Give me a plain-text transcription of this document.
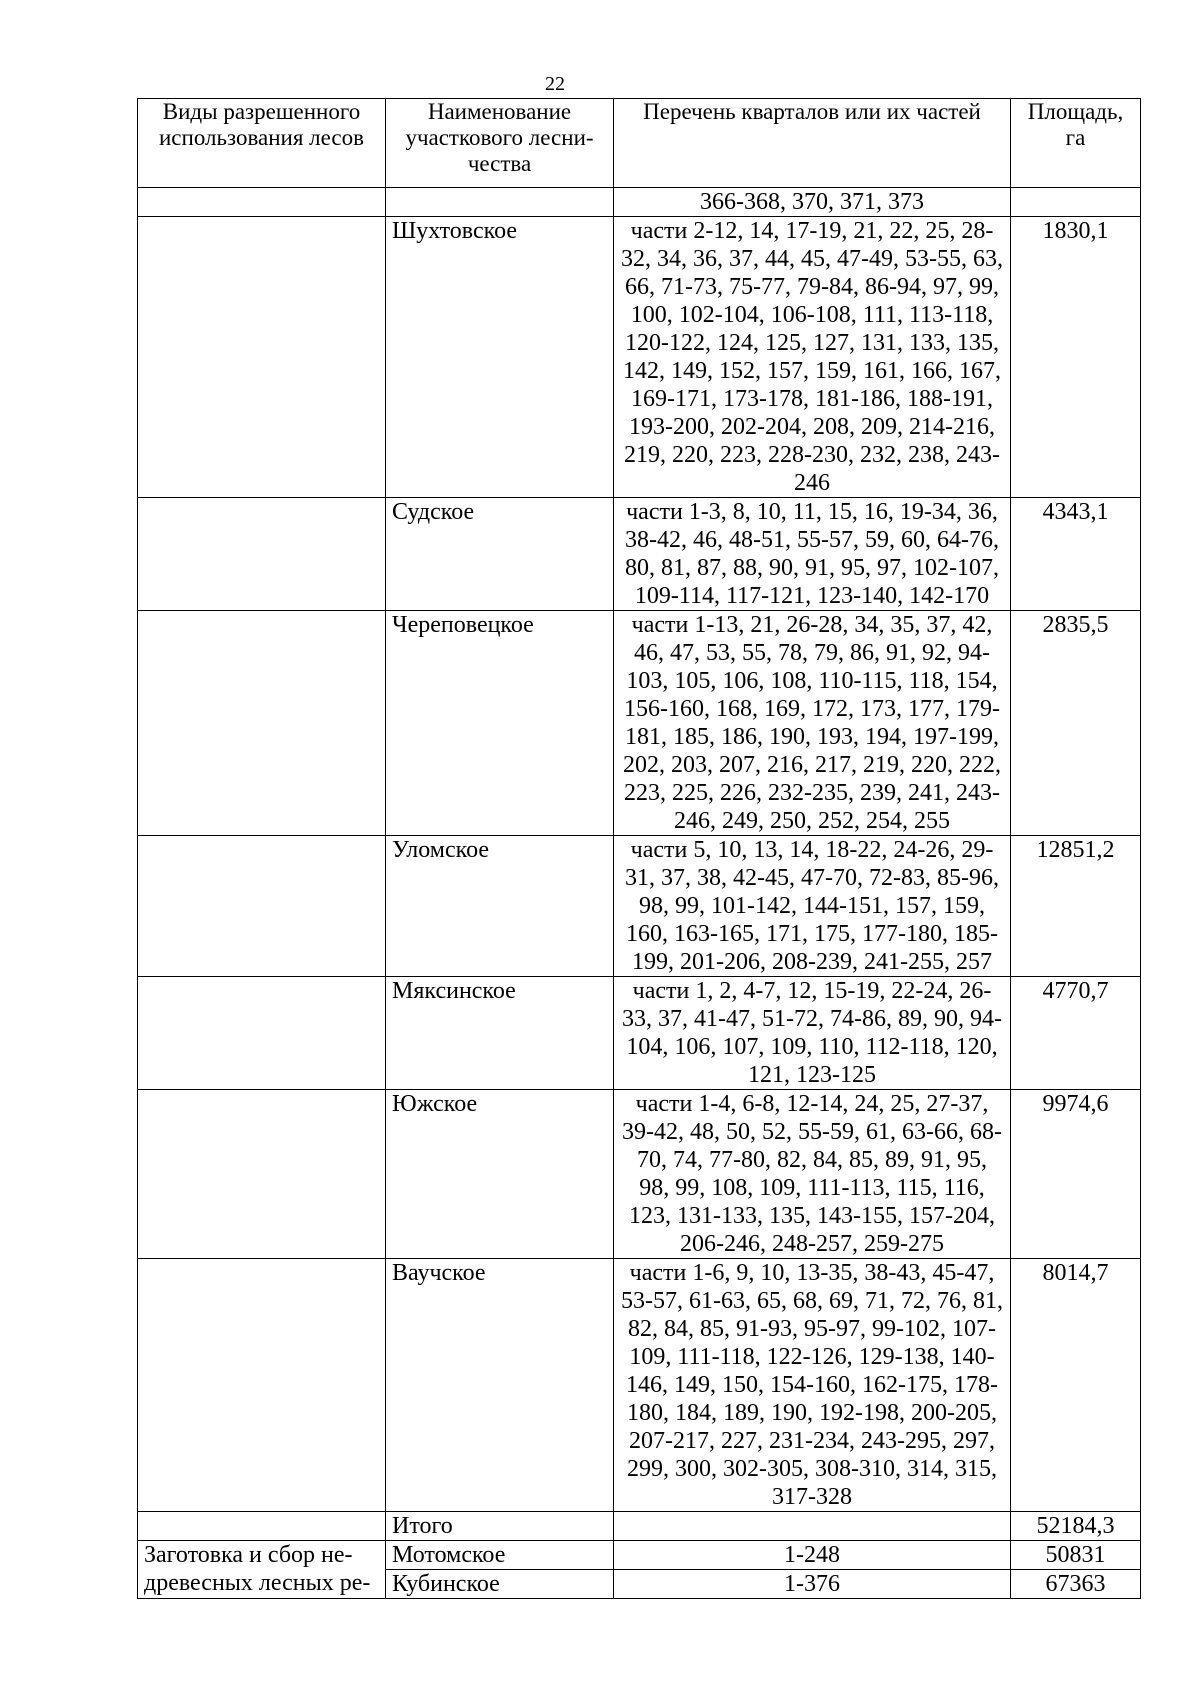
22
Виды разрешенного использования лесов	Наименование участкового лесни-чества	Перечень кварталов или их частей	Площадь, га
		366-368, 370, 371, 373	
	Шухтовское	части 2-12, 14, 17-19, 21, 22, 25, 28-32, 34, 36, 37, 44, 45, 47-49, 53-55, 63, 66, 71-73, 75-77, 79-84, 86-94, 97, 99, 100, 102-104, 106-108, 111, 113-118, 120-122, 124, 125, 127, 131, 133, 135, 142, 149, 152, 157, 159, 161, 166, 167, 169-171, 173-178, 181-186, 188-191, 193-200, 202-204, 208, 209, 214-216, 219, 220, 223, 228-230, 232, 238, 243-246	1830,1
	Судское	части 1-3, 8, 10, 11, 15, 16, 19-34, 36, 38-42, 46, 48-51, 55-57, 59, 60, 64-76, 80, 81, 87, 88, 90, 91, 95, 97, 102-107, 109-114, 117-121, 123-140, 142-170	4343,1
	Череповецкое	части 1-13, 21, 26-28, 34, 35, 37, 42, 46, 47, 53, 55, 78, 79, 86, 91, 92, 94-103, 105, 106, 108, 110-115, 118, 154, 156-160, 168, 169, 172, 173, 177, 179-181, 185, 186, 190, 193, 194, 197-199, 202, 203, 207, 216, 217, 219, 220, 222, 223, 225, 226, 232-235, 239, 241, 243-246, 249, 250, 252, 254, 255	2835,5
	Уломское	части 5, 10, 13, 14, 18-22, 24-26, 29-31, 37, 38, 42-45, 47-70, 72-83, 85-96, 98, 99, 101-142, 144-151, 157, 159, 160, 163-165, 171, 175, 177-180, 185-199, 201-206, 208-239, 241-255, 257	12851,2
	Мяксинское	части 1, 2, 4-7, 12, 15-19, 22-24, 26-33, 37, 41-47, 51-72, 74-86, 89, 90, 94-104, 106, 107, 109, 110, 112-118, 120, 121, 123-125	4770,7
	Южское	части 1-4, 6-8, 12-14, 24, 25, 27-37, 39-42, 48, 50, 52, 55-59, 61, 63-66, 68-70, 74, 77-80, 82, 84, 85, 89, 91, 95, 98, 99, 108, 109, 111-113, 115, 116, 123, 131-133, 135, 143-155, 157-204, 206-246, 248-257, 259-275	9974,6
	Ваучское	части 1-6, 9, 10, 13-35, 38-43, 45-47, 53-57, 61-63, 65, 68, 69, 71, 72, 76, 81, 82, 84, 85, 91-93, 95-97, 99-102, 107-109, 111-118, 122-126, 129-138, 140-146, 149, 150, 154-160, 162-175, 178-180, 184, 189, 190, 192-198, 200-205, 207-217, 227, 231-234, 243-295, 297, 299, 300, 302-305, 308-310, 314, 315, 317-328	8014,7
	Итого		52184,3
Заготовка и сбор не-древесных лесных ре-	Мотомское	1-248	50831
	Кубинское	1-376	67363
